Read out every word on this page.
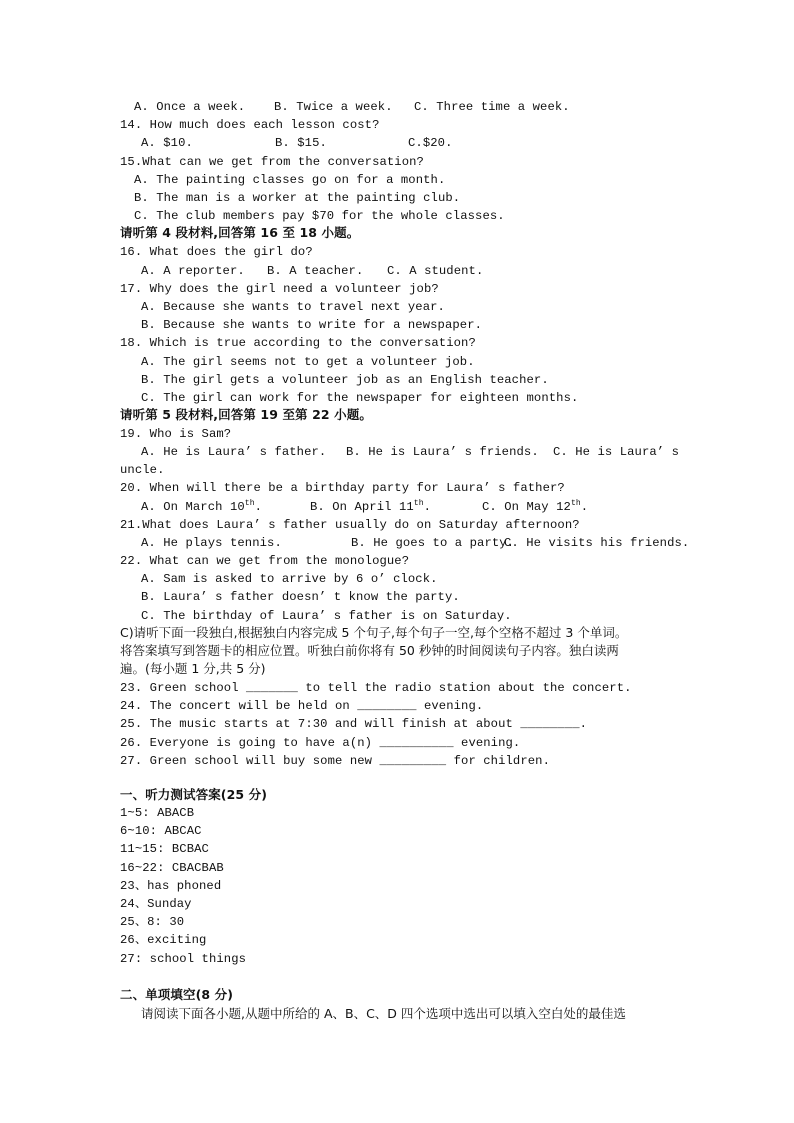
A. Once a week. B. Twice a week. C. Three time a week.
14. How much does each lesson cost?
A. $10.	B. $15.	C.$20.
15.What can we get from the conversation?
A. The painting classes go on for a month.
B. The man is a worker at the painting club.
C. The club members pay $70 for the whole classes.
请听第 4 段材料,回答第 16 至 18 小题。
16. What does the girl do?
A. A reporter. B. A teacher. C. A student.
17. Why does the girl need a volunteer job?
A. Because she wants to travel next year.
B. Because she wants to write for a newspaper.
18. Which is true according to the conversation?
A. The girl seems not to get a volunteer job.
B. The girl gets a volunteer job as an English teacher.
C. The girl can work for the newspaper for eighteen months.
请听第 5 段材料,回答第 19 至第 22 小题。
19. Who is Sam?
A. He is Laura’ s father. B. He is Laura’ s friends. C. He is Laura’ s
uncle.
20. When will there be a birthday party for Laura’ s father?
A. On March 10th.	B. On April 11th.	C. On May 12th.
21.What does Laura’ s father usually do on Saturday afternoon?
A. He plays tennis.	B. He goes to a party.
C. He visits his friends.
22. What can we get from the monologue?
A. Sam is asked to arrive by 6 o’ clock.
B. Laura’ s father doesn’ t know the party.
C. The birthday of Laura’ s father is on Saturday.
C)请听下面一段独白,根据独白内容完成 5 个句子,每个句子一空,每个空格不超过 3 个单词。
将答案填写到答题卡的相应位置。听独白前你将有 50 秒钟的时间阅读句子内容。独白读两
遍。(每小题 1 分,共 5 分)
23. Green school _______ to tell the radio station about the concert.
24. The concert will be held on ________ evening.
25. The music starts at 7:30 and will finish at about ________.
26. Everyone is going to have a(n) __________ evening.
27. Green school will buy some new _________ for children.
一、听力测试答案(25 分)
1~5: ABACB
6~10: ABCAC
11~15: BCBAC
16~22: CBACBAB
23、has phoned
24、Sunday
25、8: 30
26、exciting
27: school things
二、单项填空(8 分)
请阅读下面各小题,从题中所给的 A、B、C、D 四个选项中选出可以填入空白处的最佳选
